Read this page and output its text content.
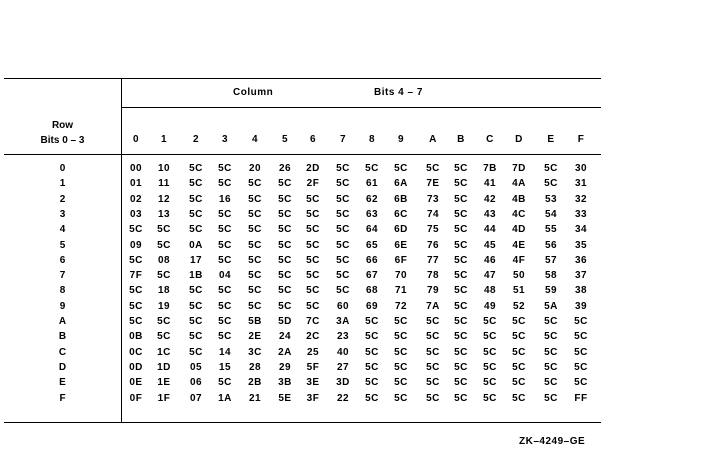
Row
Bits 0 – 3
Column	Bits 4 – 7
0	1	2	3	4	5	6	7	8	9	A	B	C	D	E	F
0	00	10	5C	5C	20	26	2D	5C	5C	5C	5C	5C	7B	7D	5C	30
1	01	11	5C	5C	5C	5C	2F	5C	61	6A	7E	5C	41	4A	5C	31
2	02	12	5C	16	5C	5C	5C	5C	62	6B	73	5C	42	4B	53	32
3	03	13	5C	5C	5C	5C	5C	5C	63	6C	74	5C	43	4C	54	33
4	5C	5C	5C	5C	5C	5C	5C	5C	64	6D	75	5C	44	4D	55	34
5	09	5C	0A	5C	5C	5C	5C	5C	65	6E	76	5C	45	4E	56	35
6	5C	08	17	5C	5C	5C	5C	5C	66	6F	77	5C	46	4F	57	36
7	7F	5C	1B	04	5C	5C	5C	5C	67	70	78	5C	47	50	58	37
8	5C	18	5C	5C	5C	5C	5C	5C	68	71	79	5C	48	51	59	38
9	5C	19	5C	5C	5C	5C	5C	60	69	72	7A	5C	49	52	5A	39
A	5C	5C	5C	5C	5B	5D	7C	3A	5C	5C	5C	5C	5C	5C	5C	5C
B	0B	5C	5C	5C	2E	24	2C	23	5C	5C	5C	5C	5C	5C	5C	5C
C	0C	1C	5C	14	3C	2A	25	40	5C	5C	5C	5C	5C	5C	5C	5C
D	0D	1D	05	15	28	29	5F	27	5C	5C	5C	5C	5C	5C	5C	5C
E	0E	1E	06	5C	2B	3B	3E	3D	5C	5C	5C	5C	5C	5C	5C	5C
F	0F	1F	07	1A	21	5E	3F	22	5C	5C	5C	5C	5C	5C	5C	FF
ZK–4249–GE
